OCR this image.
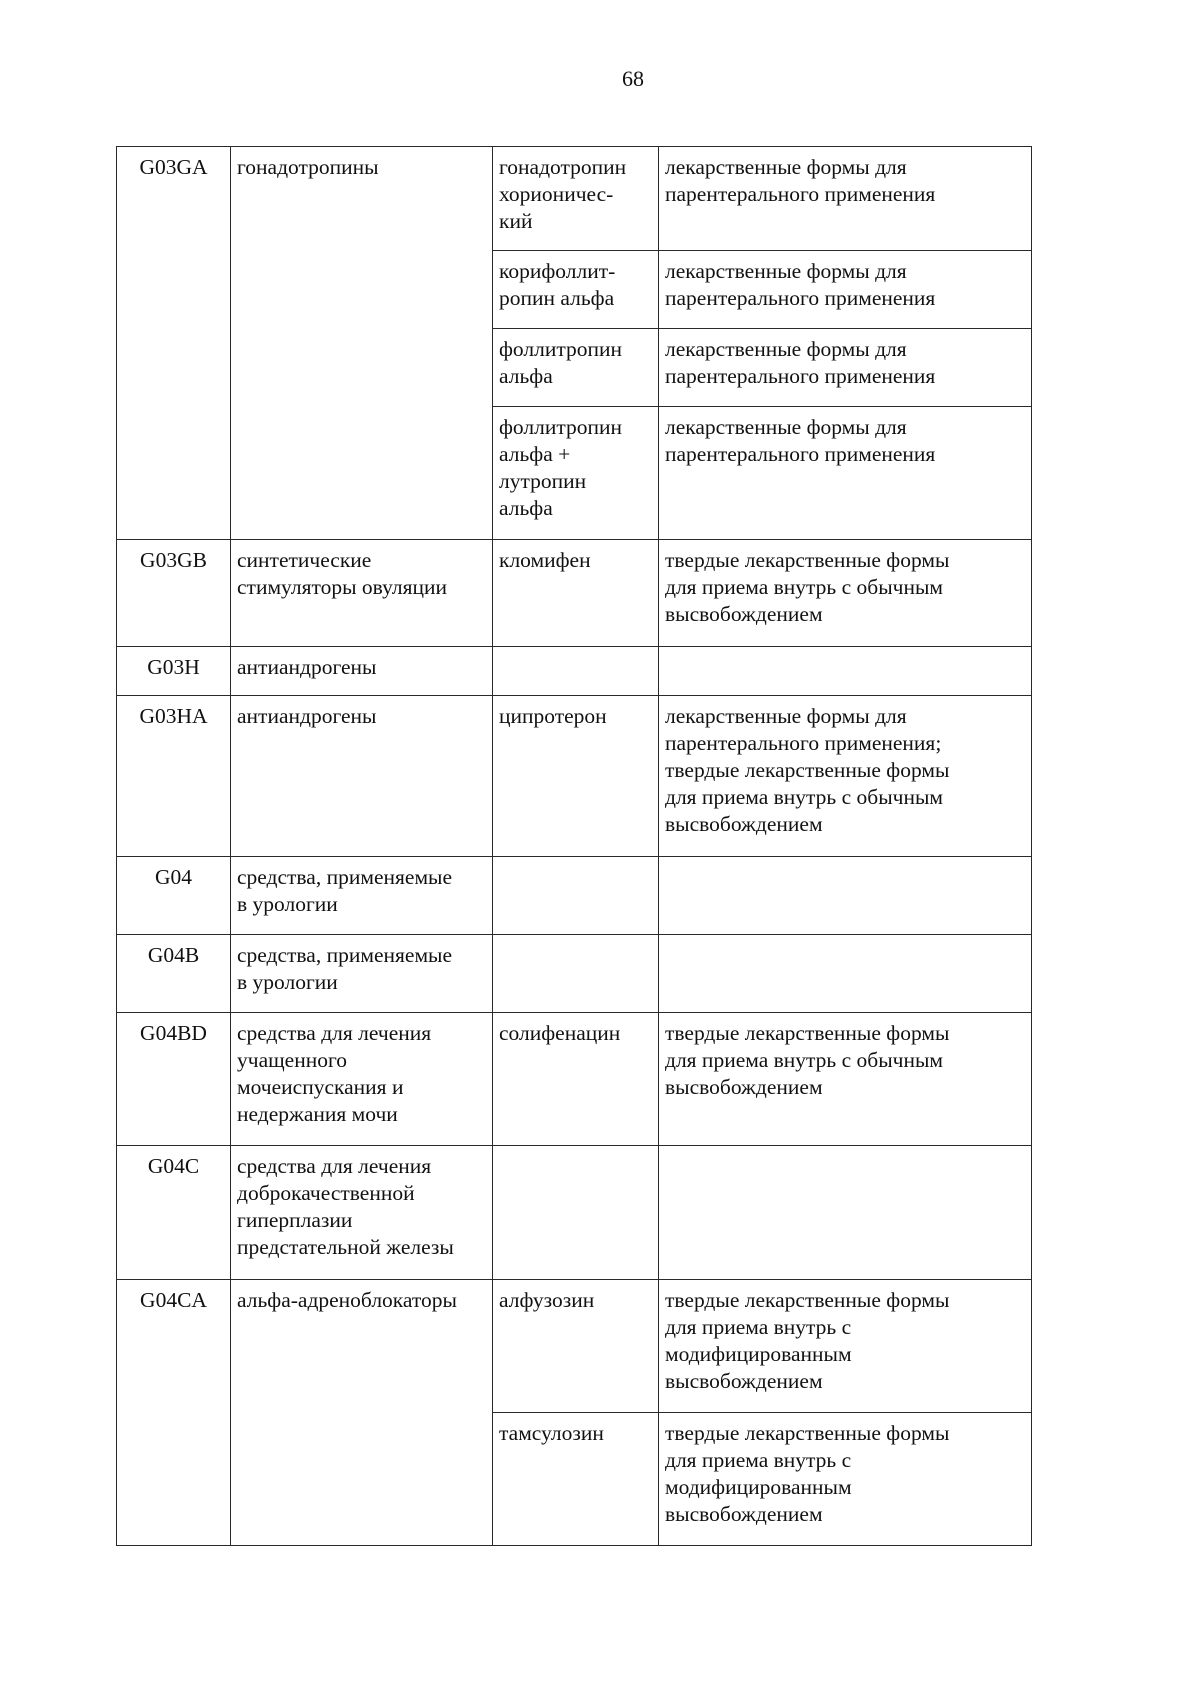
68
G03GA	гонадотропины	гонадотропин
хорионичес-
кий	лекарственные формы для
парентерального применения
		корифоллит-
ропин альфа	лекарственные формы для
парентерального применения
		фоллитропин
альфа	лекарственные формы для
парентерального применения
		фоллитропин
альфа +
лутропин
альфа	лекарственные формы для
парентерального применения
G03GB	синтетические
стимуляторы овуляции	кломифен	твердые лекарственные формы
для приема внутрь с обычным
высвобождением
G03H	антиандрогены		
G03HA	антиандрогены	ципротерон	лекарственные формы для
парентерального применения;
твердые лекарственные формы
для приема внутрь с обычным
высвобождением
G04	средства, применяемые
в урологии		
G04B	средства, применяемые
в урологии		
G04BD	средства для лечения
учащенного
мочеиспускания и
недержания мочи	солифенацин	твердые лекарственные формы
для приема внутрь с обычным
высвобождением
G04C	средства для лечения
доброкачественной
гиперплазии
предстательной железы		
G04CA	альфа-адреноблокаторы	алфузозин	твердые лекарственные формы
для приема внутрь с
модифицированным
высвобождением
		тамсулозин	твердые лекарственные формы
для приема внутрь с
модифицированным
высвобождением
